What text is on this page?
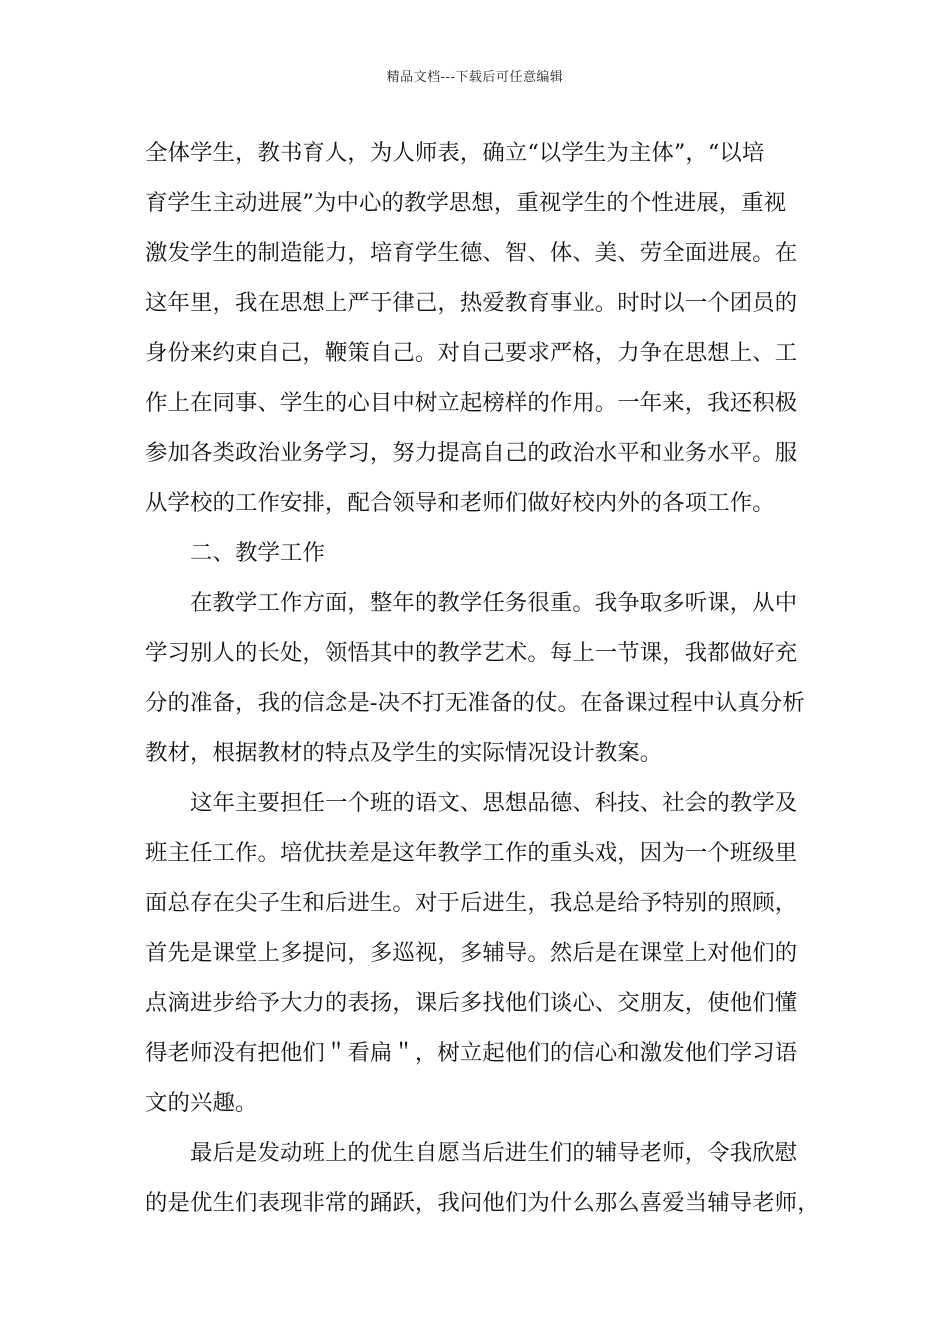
精品文档---下载后可任意编辑
全体学生，教书育人，为人师表，确立“以学生为主体”，“以培
育学生主动进展”为中心的教学思想，重视学生的个性进展，重视
激发学生的制造能力，培育学生德、智、体、美、劳全面进展。在
这年里，我在思想上严于律己，热爱教育事业。时时以一个团员的
身份来约束自己，鞭策自己。对自己要求严格，力争在思想上、工
作上在同事、学生的心目中树立起榜样的作用。一年来，我还积极
参加各类政治业务学习，努力提高自己的政治水平和业务水平。服
从学校的工作安排，配合领导和老师们做好校内外的各项工作。
二、教学工作
在教学工作方面，整年的教学任务很重。我争取多听课，从中
学习别人的长处，领悟其中的教学艺术。每上一节课，我都做好充
分的准备，我的信念是-决不打无准备的仗。在备课过程中认真分析
教材，根据教材的特点及学生的实际情况设计教案。
这年主要担任一个班的语文、思想品德、科技、社会的教学及
班主任工作。培优扶差是这年教学工作的重头戏，因为一个班级里
面总存在尖子生和后进生。对于后进生，我总是给予特别的照顾，
首先是课堂上多提问，多巡视，多辅导。然后是在课堂上对他们的
点滴进步给予大力的表扬，课后多找他们谈心、交朋友，使他们懂
得老师没有把他们＂看扁＂，树立起他们的信心和激发他们学习语
文的兴趣。
最后是发动班上的优生自愿当后进生们的辅导老师，令我欣慰
的是优生们表现非常的踊跃，我问他们为什么那么喜爱当辅导老师，
